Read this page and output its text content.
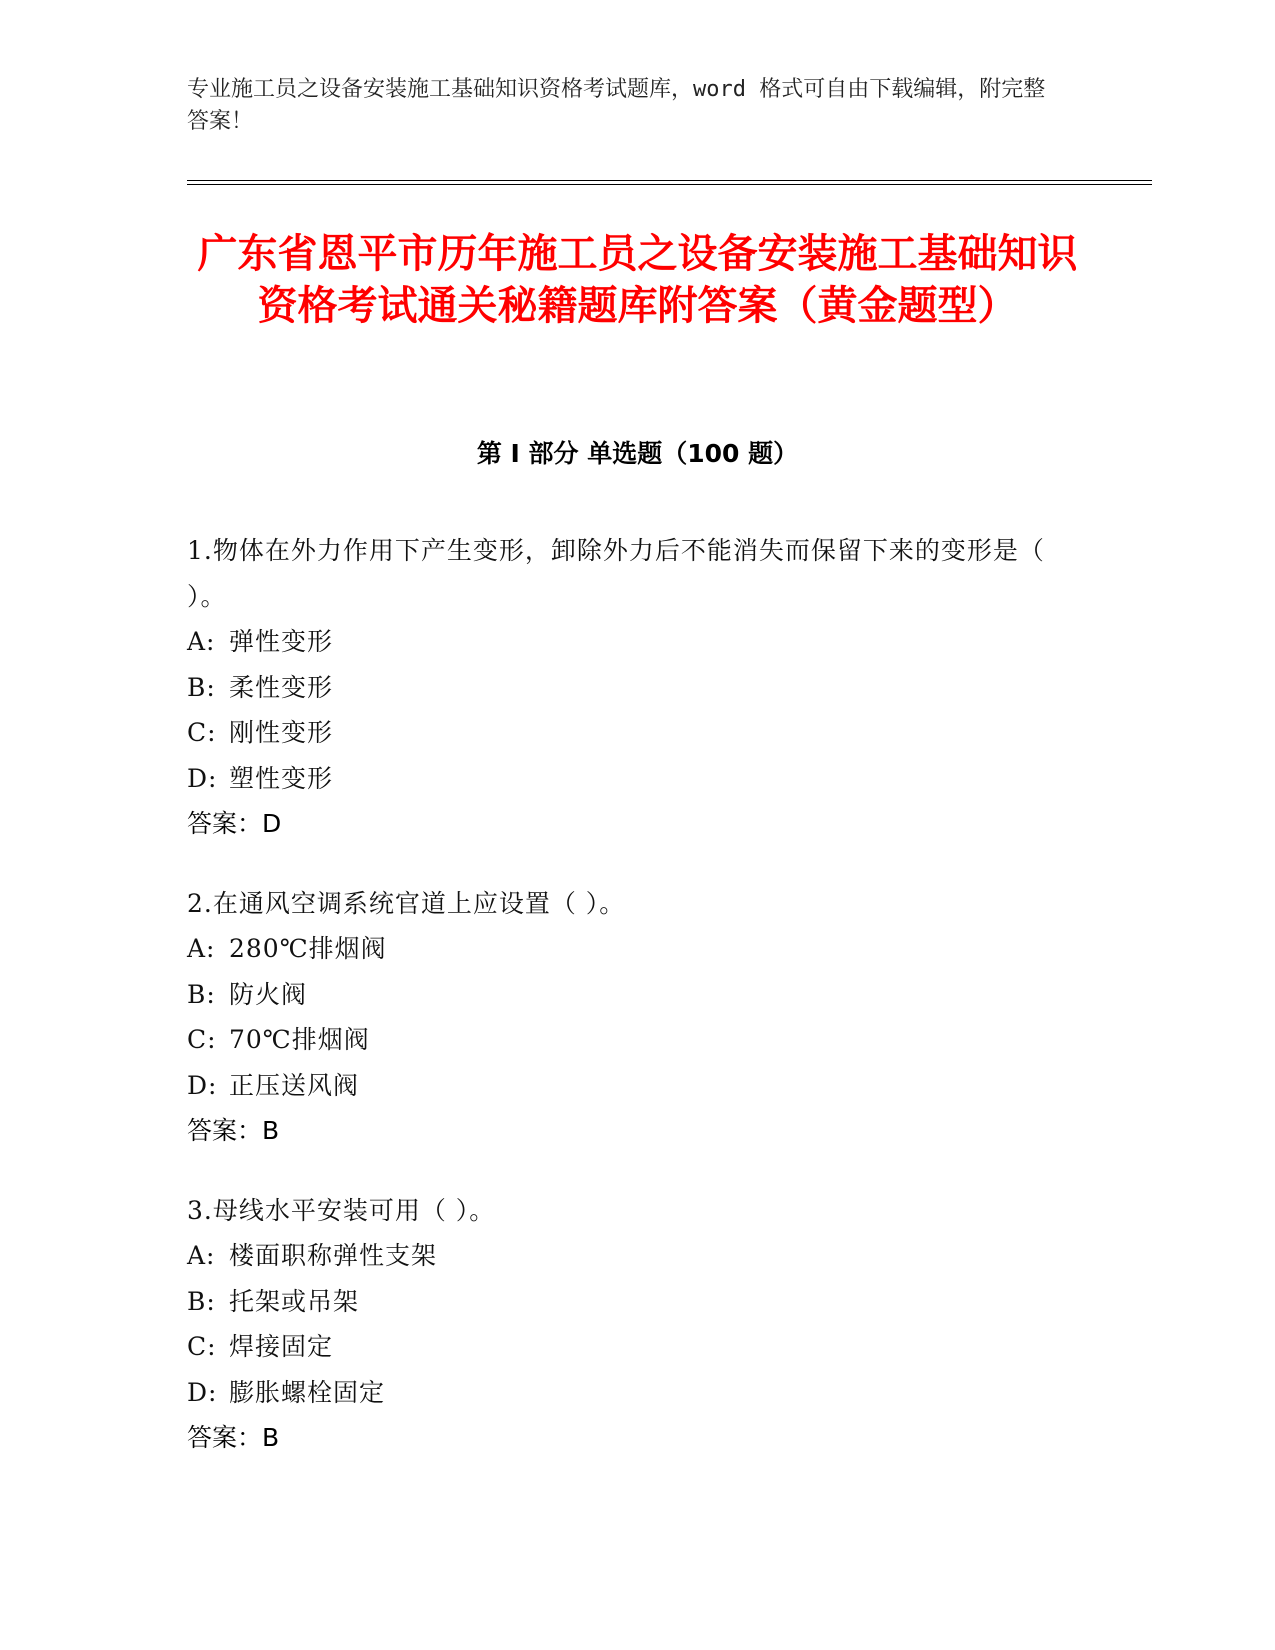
专业施工员之设备安装施工基础知识资格考试题库，word 格式可自由下载编辑，附完整答案！
广东省恩平市历年施工员之设备安装施工基础知识资格考试通关秘籍题库附答案（黄金题型）
第 I 部分 单选题（100 题）
1.物体在外力作用下产生变形，卸除外力后不能消失而保留下来的变形是（ ）。
A: 弹性变形
B: 柔性变形
C: 刚性变形
D: 塑性变形
答案：D
2.在通风空调系统官道上应设置（ ）。
A: 280℃排烟阀
B: 防火阀
C: 70℃排烟阀
D: 正压送风阀
答案：B
3.母线水平安装可用（ ）。
A: 楼面职称弹性支架
B: 托架或吊架
C: 焊接固定
D: 膨胀螺栓固定
答案：B
